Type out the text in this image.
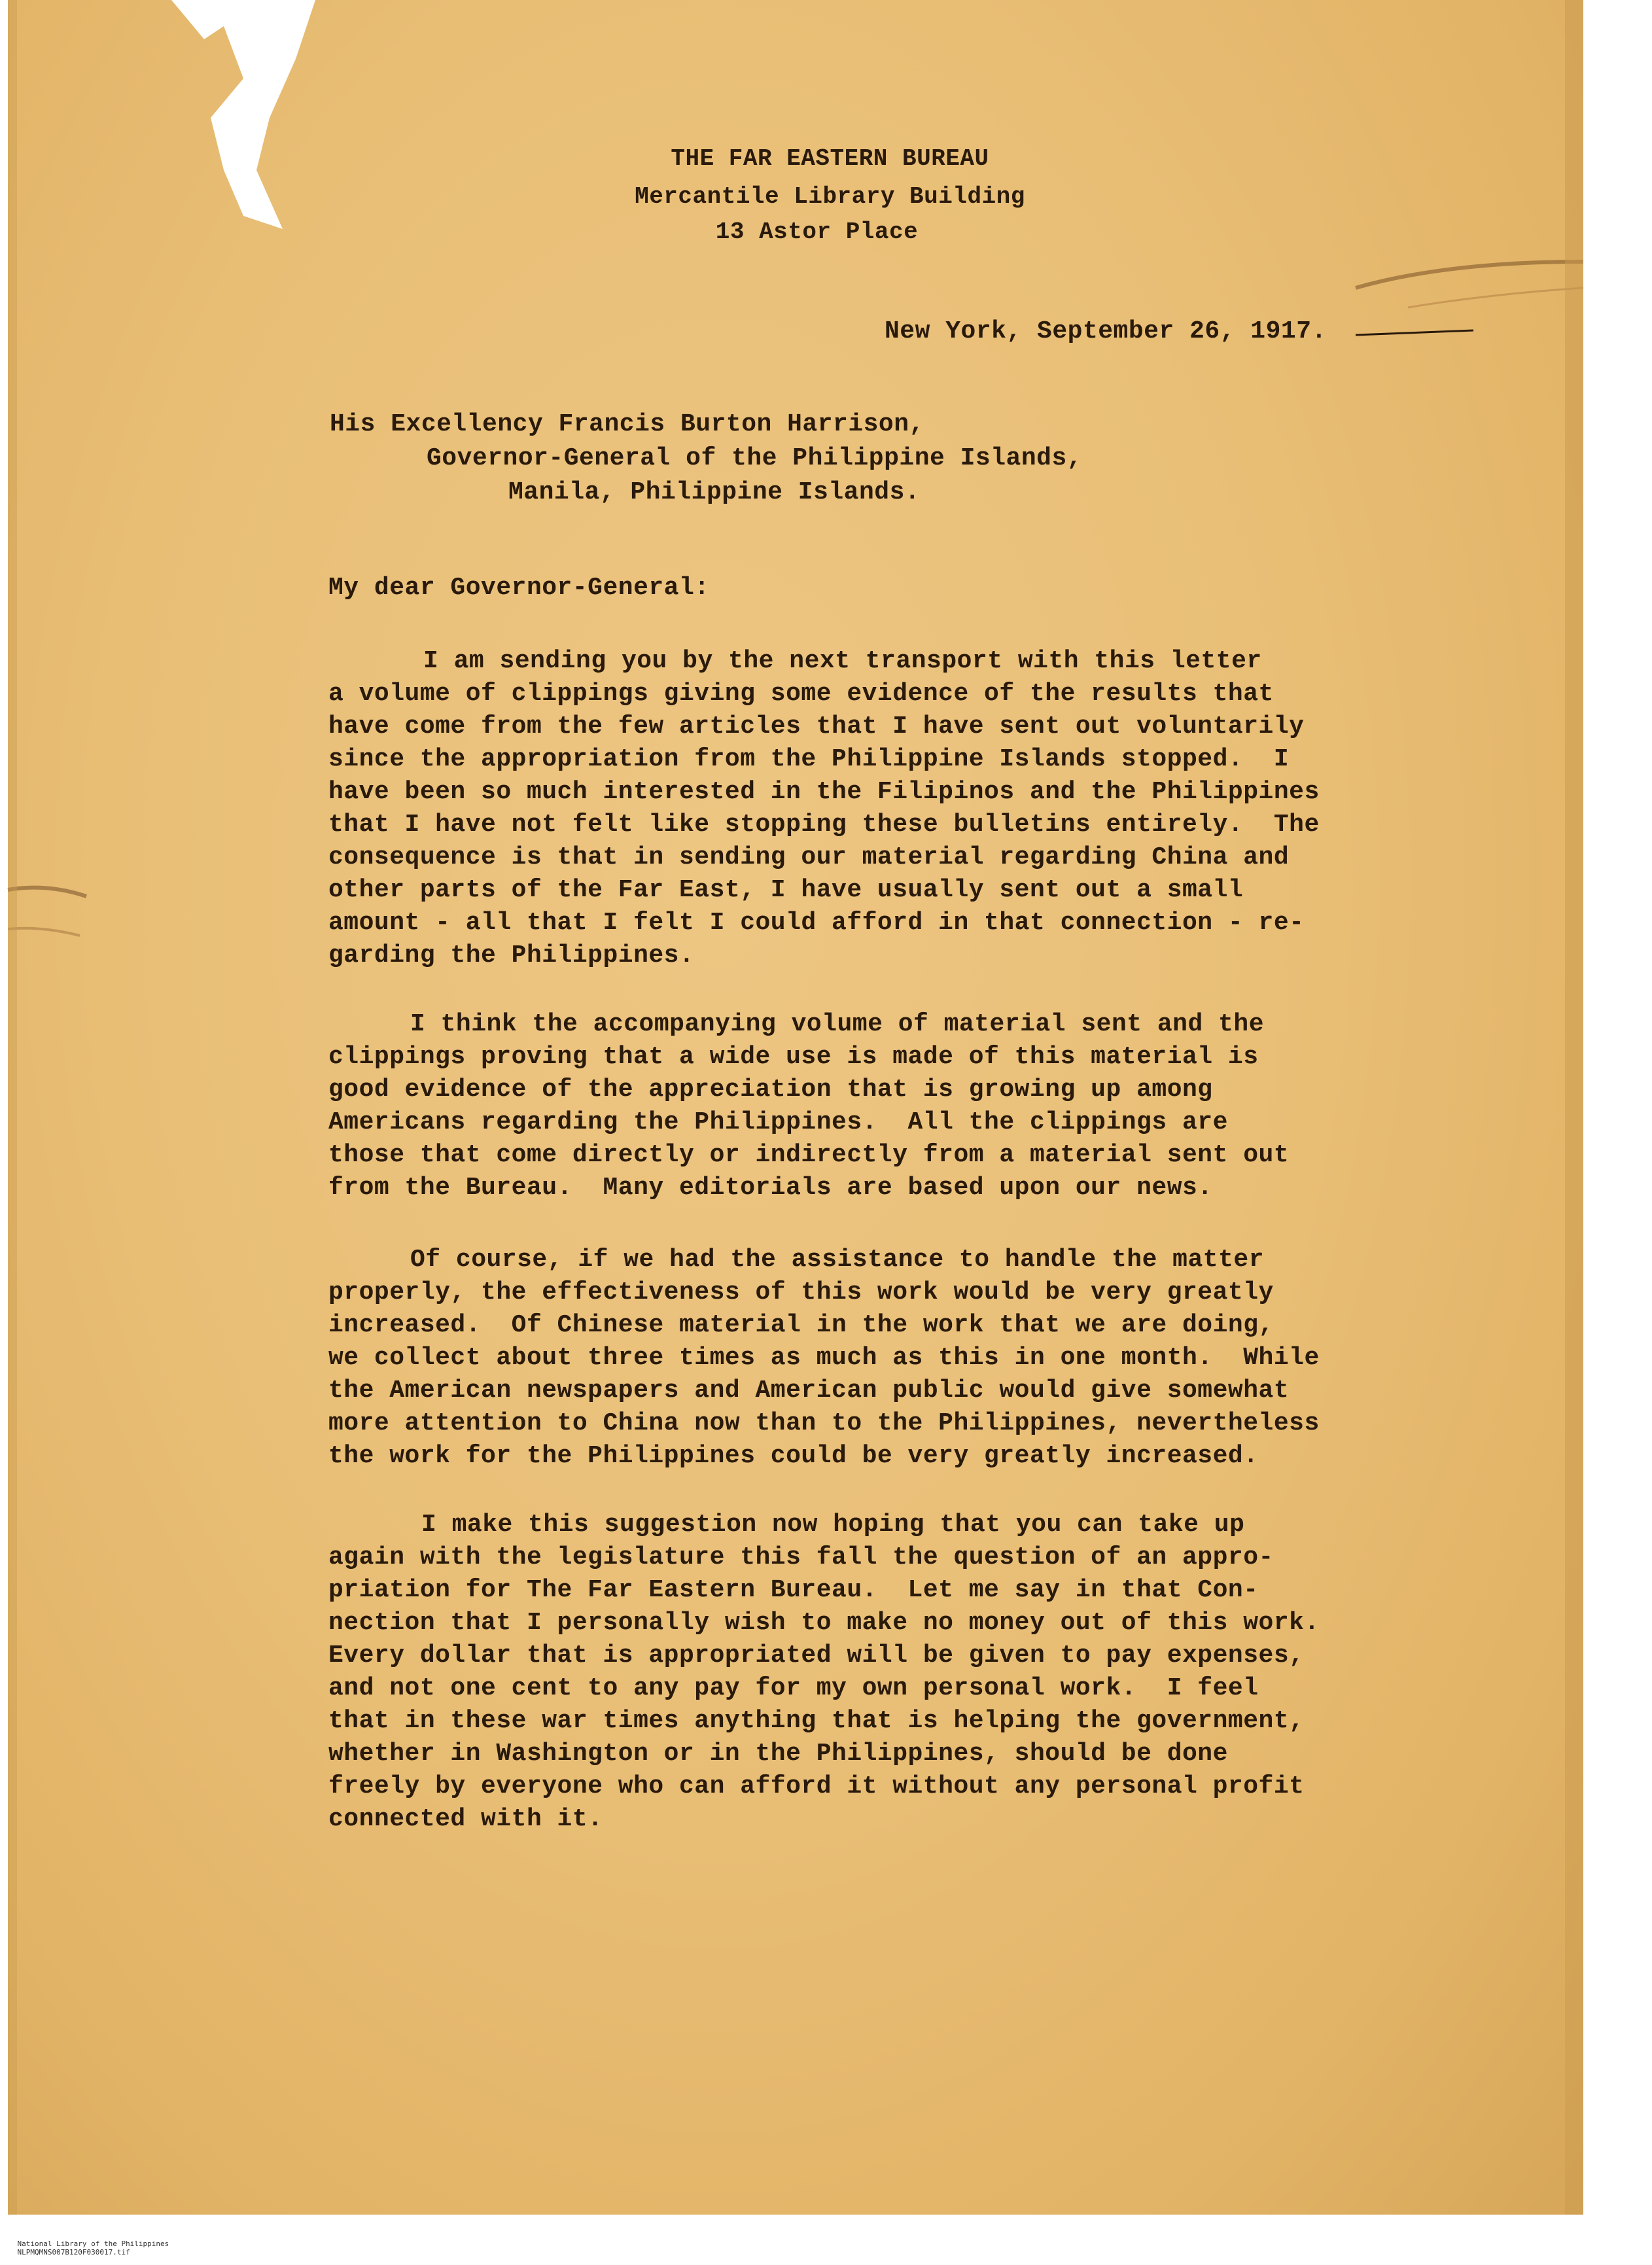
THE FAR EASTERN BUREAU
Mercantile Library Building
13 Astor Place
New York, September 26, 1917.
His Excellency Francis Burton Harrison,
Governor-General of the Philippine Islands,
Manila, Philippine Islands.
My dear Governor-General:
I am sending you by the next transport with this letter
a volume of clippings giving some evidence of the results that
have come from the few articles that I have sent out voluntarily
since the appropriation from the Philippine Islands stopped.  I
have been so much interested in the Filipinos and the Philippines
that I have not felt like stopping these bulletins entirely.  The
consequence is that in sending our material regarding China and
other parts of the Far East, I have usually sent out a small
amount - all that I felt I could afford in that connection - re-
garding the Philippines.
I think the accompanying volume of material sent and the
clippings proving that a wide use is made of this material is
good evidence of the appreciation that is growing up among
Americans regarding the Philippines.  All the clippings are
those that come directly or indirectly from a material sent out
from the Bureau.  Many editorials are based upon our news.
Of course, if we had the assistance to handle the matter
properly, the effectiveness of this work would be very greatly
increased.  Of Chinese material in the work that we are doing,
we collect about three times as much as this in one month.  While
the American newspapers and American public would give somewhat
more attention to China now than to the Philippines, nevertheless
the work for the Philippines could be very greatly increased.
I make this suggestion now hoping that you can take up
again with the legislature this fall the question of an appro-
priation for The Far Eastern Bureau.  Let me say in that Con-
nection that I personally wish to make no money out of this work.
Every dollar that is appropriated will be given to pay expenses,
and not one cent to any pay for my own personal work.  I feel
that in these war times anything that is helping the government,
whether in Washington or in the Philippines, should be done
freely by everyone who can afford it without any personal profit
connected with it.

National Library of the Philippines
NLPMQMNS007B120F030017.tif
